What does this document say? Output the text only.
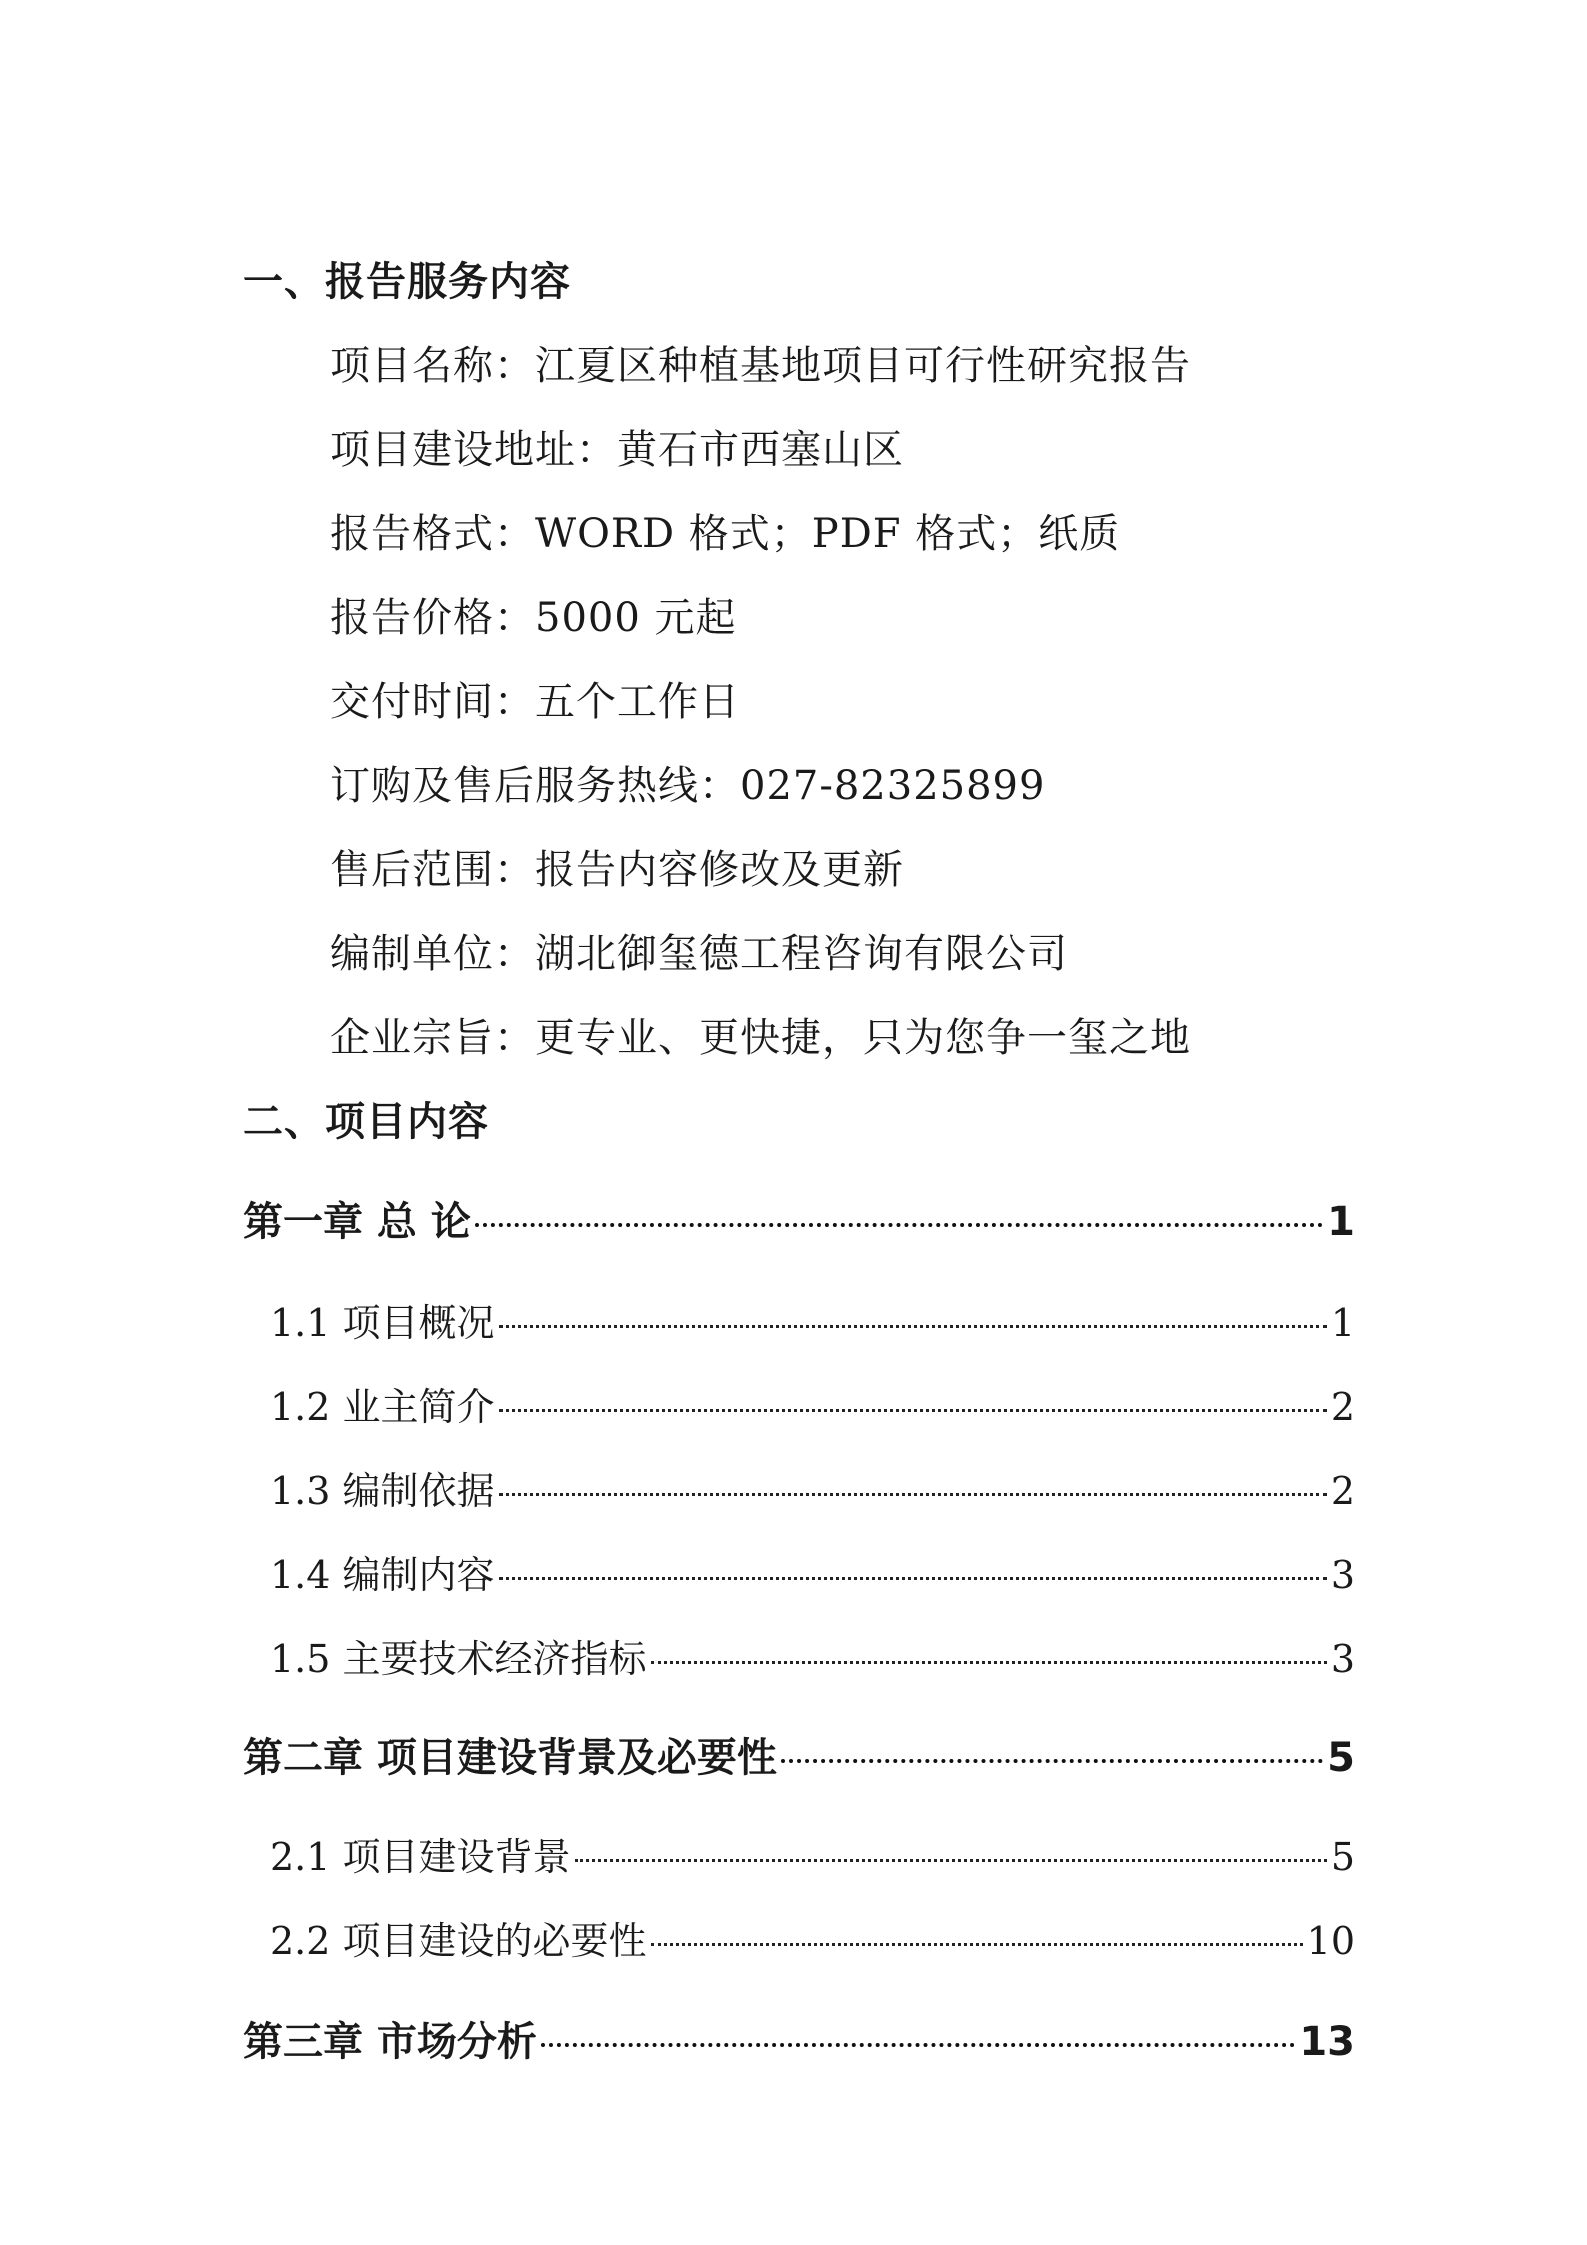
一、报告服务内容
项目名称：江夏区种植基地项目可行性研究报告
项目建设地址：黄石市西塞山区
报告格式：WORD 格式；PDF 格式；纸质
报告价格：5000 元起
交付时间：五个工作日
订购及售后服务热线：027-82325899
售后范围：报告内容修改及更新
编制单位：湖北御玺德工程咨询有限公司
企业宗旨：更专业、更快捷，只为您争一玺之地
二、项目内容
第一章 总 论	1
1.1 项目概况	1
1.2 业主简介	2
1.3 编制依据	2
1.4 编制内容	3
1.5 主要技术经济指标	3
第二章 项目建设背景及必要性	5
2.1 项目建设背景	5
2.2 项目建设的必要性	10
第三章 市场分析	13
